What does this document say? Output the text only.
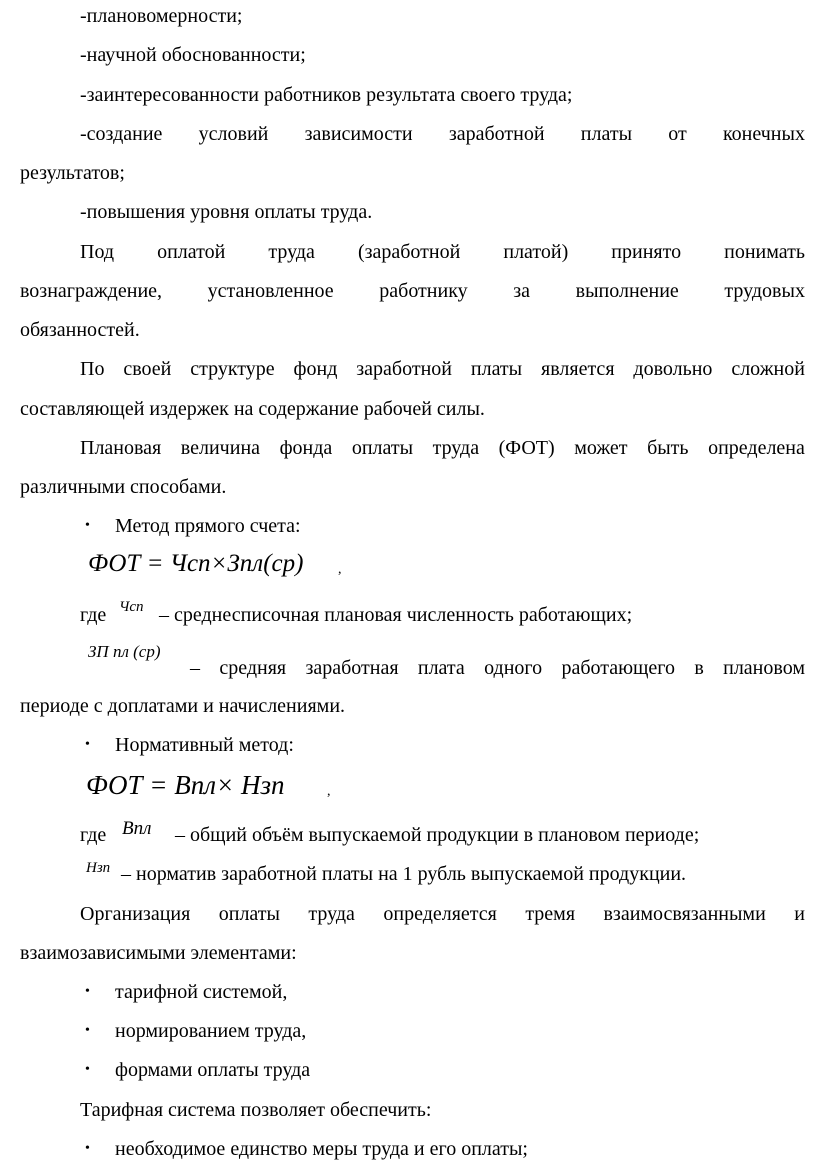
-плановомерности;
-научной обоснованности;
-заинтересованности работников результата своего труда;
-создание условий зависимости заработной платы от конечных
результатов;
-повышения уровня оплаты труда.
Под оплатой труда (заработной платой) принято понимать
вознаграждение, установленное работнику за выполнение трудовых
обязанностей.
По своей структуре фонд заработной платы является довольно сложной
составляющей издержек на содержание рабочей силы.
Плановая величина фонда оплаты труда (ФОТ) может быть определена
различными способами.
• Метод прямого счета:
ФОТ = Чсп×Зпл(ср) ,
где Чсп – среднесписочная плановая численность работающих;
ЗП пл (ср)
– средняя заработная плата одного работающего в плановом
периоде с доплатами и начислениями.
• Нормативный метод:
ФОТ = Впл× Нзп	,
где Впл – общий объём выпускаемой продукции в плановом периоде;
Нзп – норматив заработной платы на 1 рубль выпускаемой продукции.
Организация оплаты труда определяется тремя взаимосвязанными и
взаимозависимыми элементами:
• тарифной системой,
• нормированием труда,
• формами оплаты труда
Тарифная система позволяет обеспечить:
• необходимое единство меры труда и его оплаты;
